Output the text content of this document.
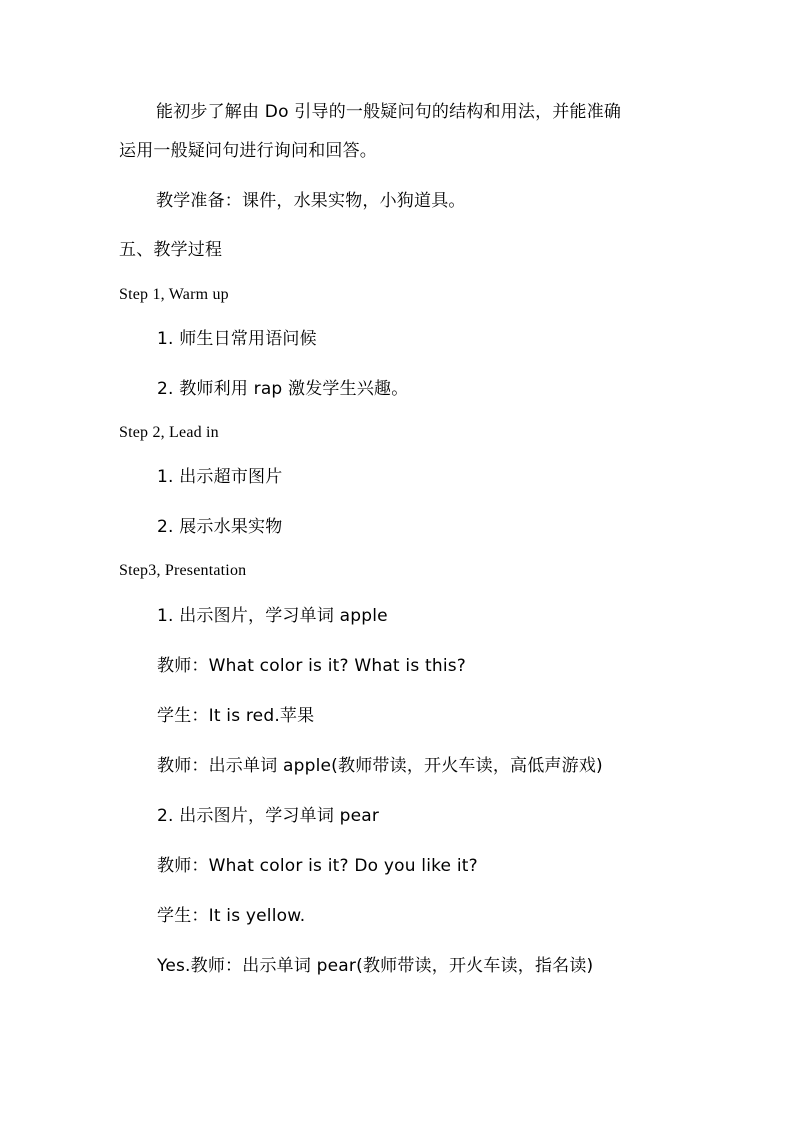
能初步了解由 Do 引导的一般疑问句的结构和用法，并能准确
运用一般疑问句进行询问和回答。
教学准备：课件，水果实物，小狗道具。
五、教学过程
Step 1, Warm up
1. 师生日常用语问候
2. 教师利用 rap 激发学生兴趣。
Step 2, Lead in
1. 出示超市图片
2. 展示水果实物
Step3, Presentation
1. 出示图片，学习单词 apple
教师：What color is it? What is this?
学生：It is red.苹果
教师：出示单词 apple(教师带读，开火车读，高低声游戏)
2. 出示图片，学习单词 pear
教师：What color is it? Do you like it?
学生：It is yellow.
Yes.教师：出示单词 pear(教师带读，开火车读，指名读)
